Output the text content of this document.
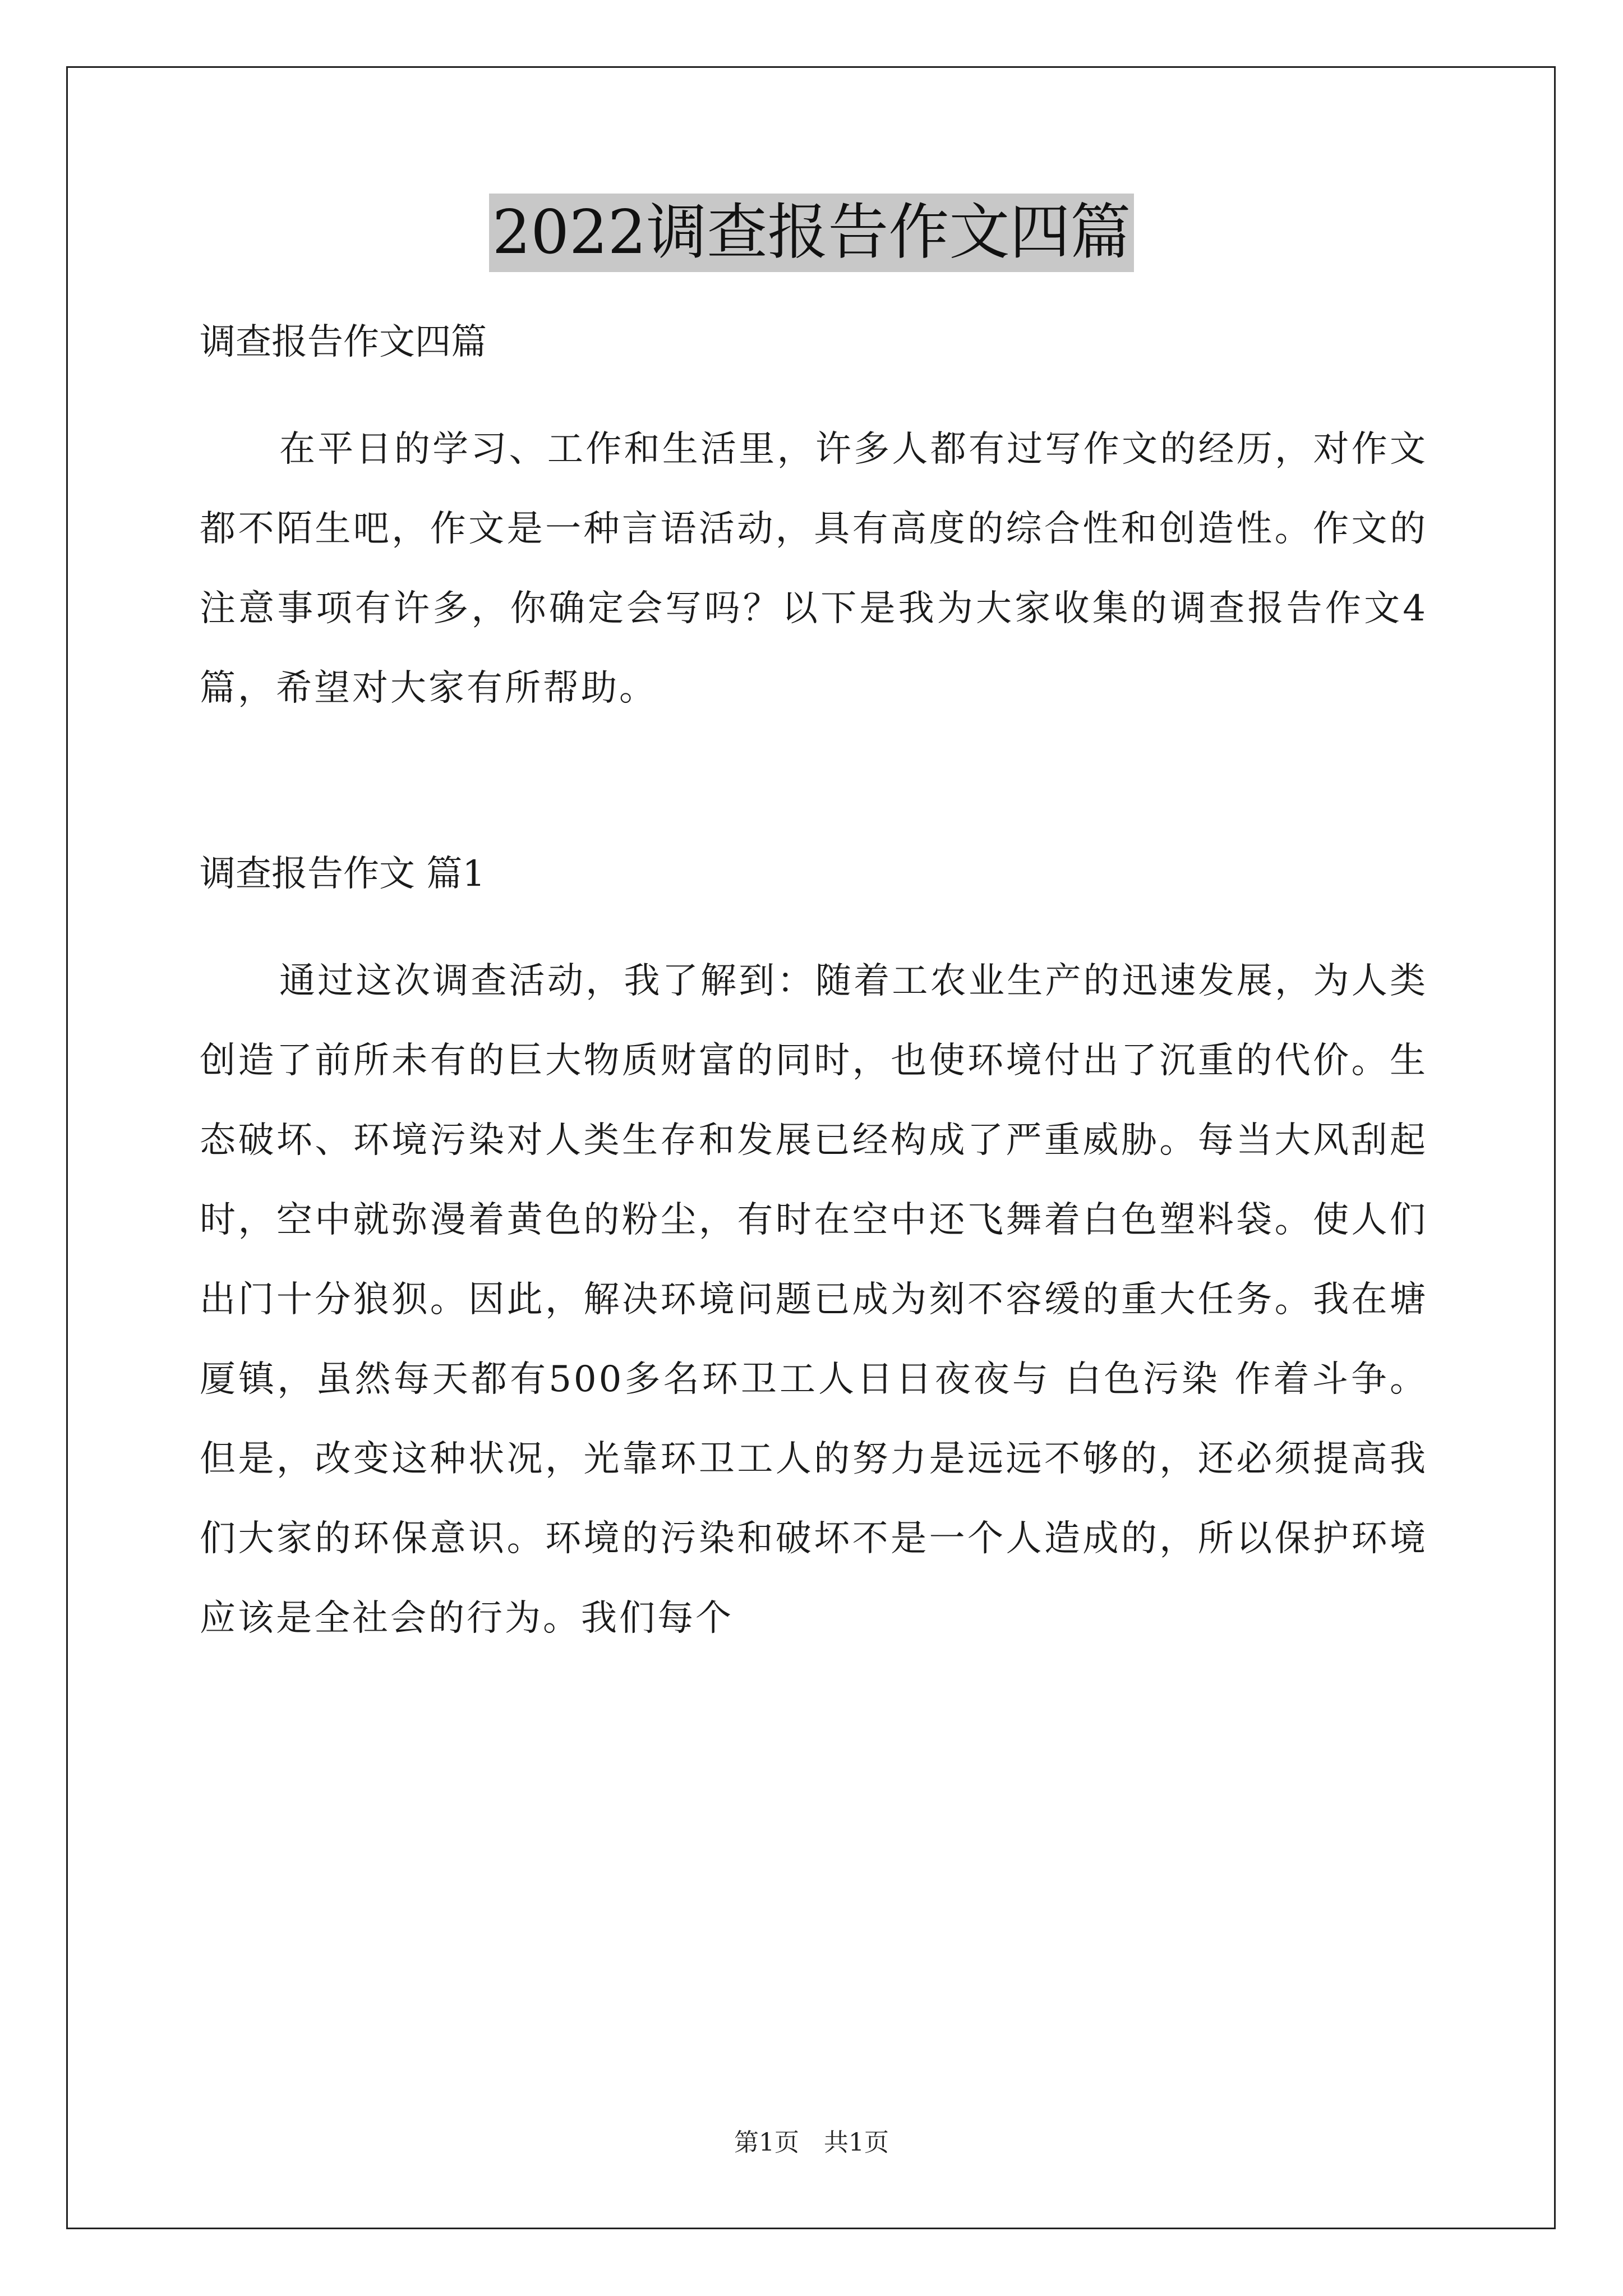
2022调查报告作文四篇

调查报告作文四篇

在平日的学习、工作和生活里，许多人都有过写作文的经历，对作文都不陌生吧，作文是一种言语活动，具有高度的综合性和创造性。作文的注意事项有许多，你确定会写吗？以下是我为大家收集的调查报告作文4篇，希望对大家有所帮助。

调查报告作文 篇1

通过这次调查活动，我了解到：随着工农业生产的迅速发展，为人类创造了前所未有的巨大物质财富的同时，也使环境付出了沉重的代价。生态破坏、环境污染对人类生存和发展已经构成了严重威胁。每当大风刮起时，空中就弥漫着黄色的粉尘，有时在空中还飞舞着白色塑料袋。使人们出门十分狼狈。因此，解决环境问题已成为刻不容缓的重大任务。我在塘厦镇，虽然每天都有500多名环卫工人日日夜夜与 白色污染 作着斗争。但是，改变这种状况，光靠环卫工人的努力是远远不够的，还必须提高我们大家的环保意识。环境的污染和破坏不是一个人造成的，所以保护环境应该是全社会的行为。我们每个

第1页　共1页
